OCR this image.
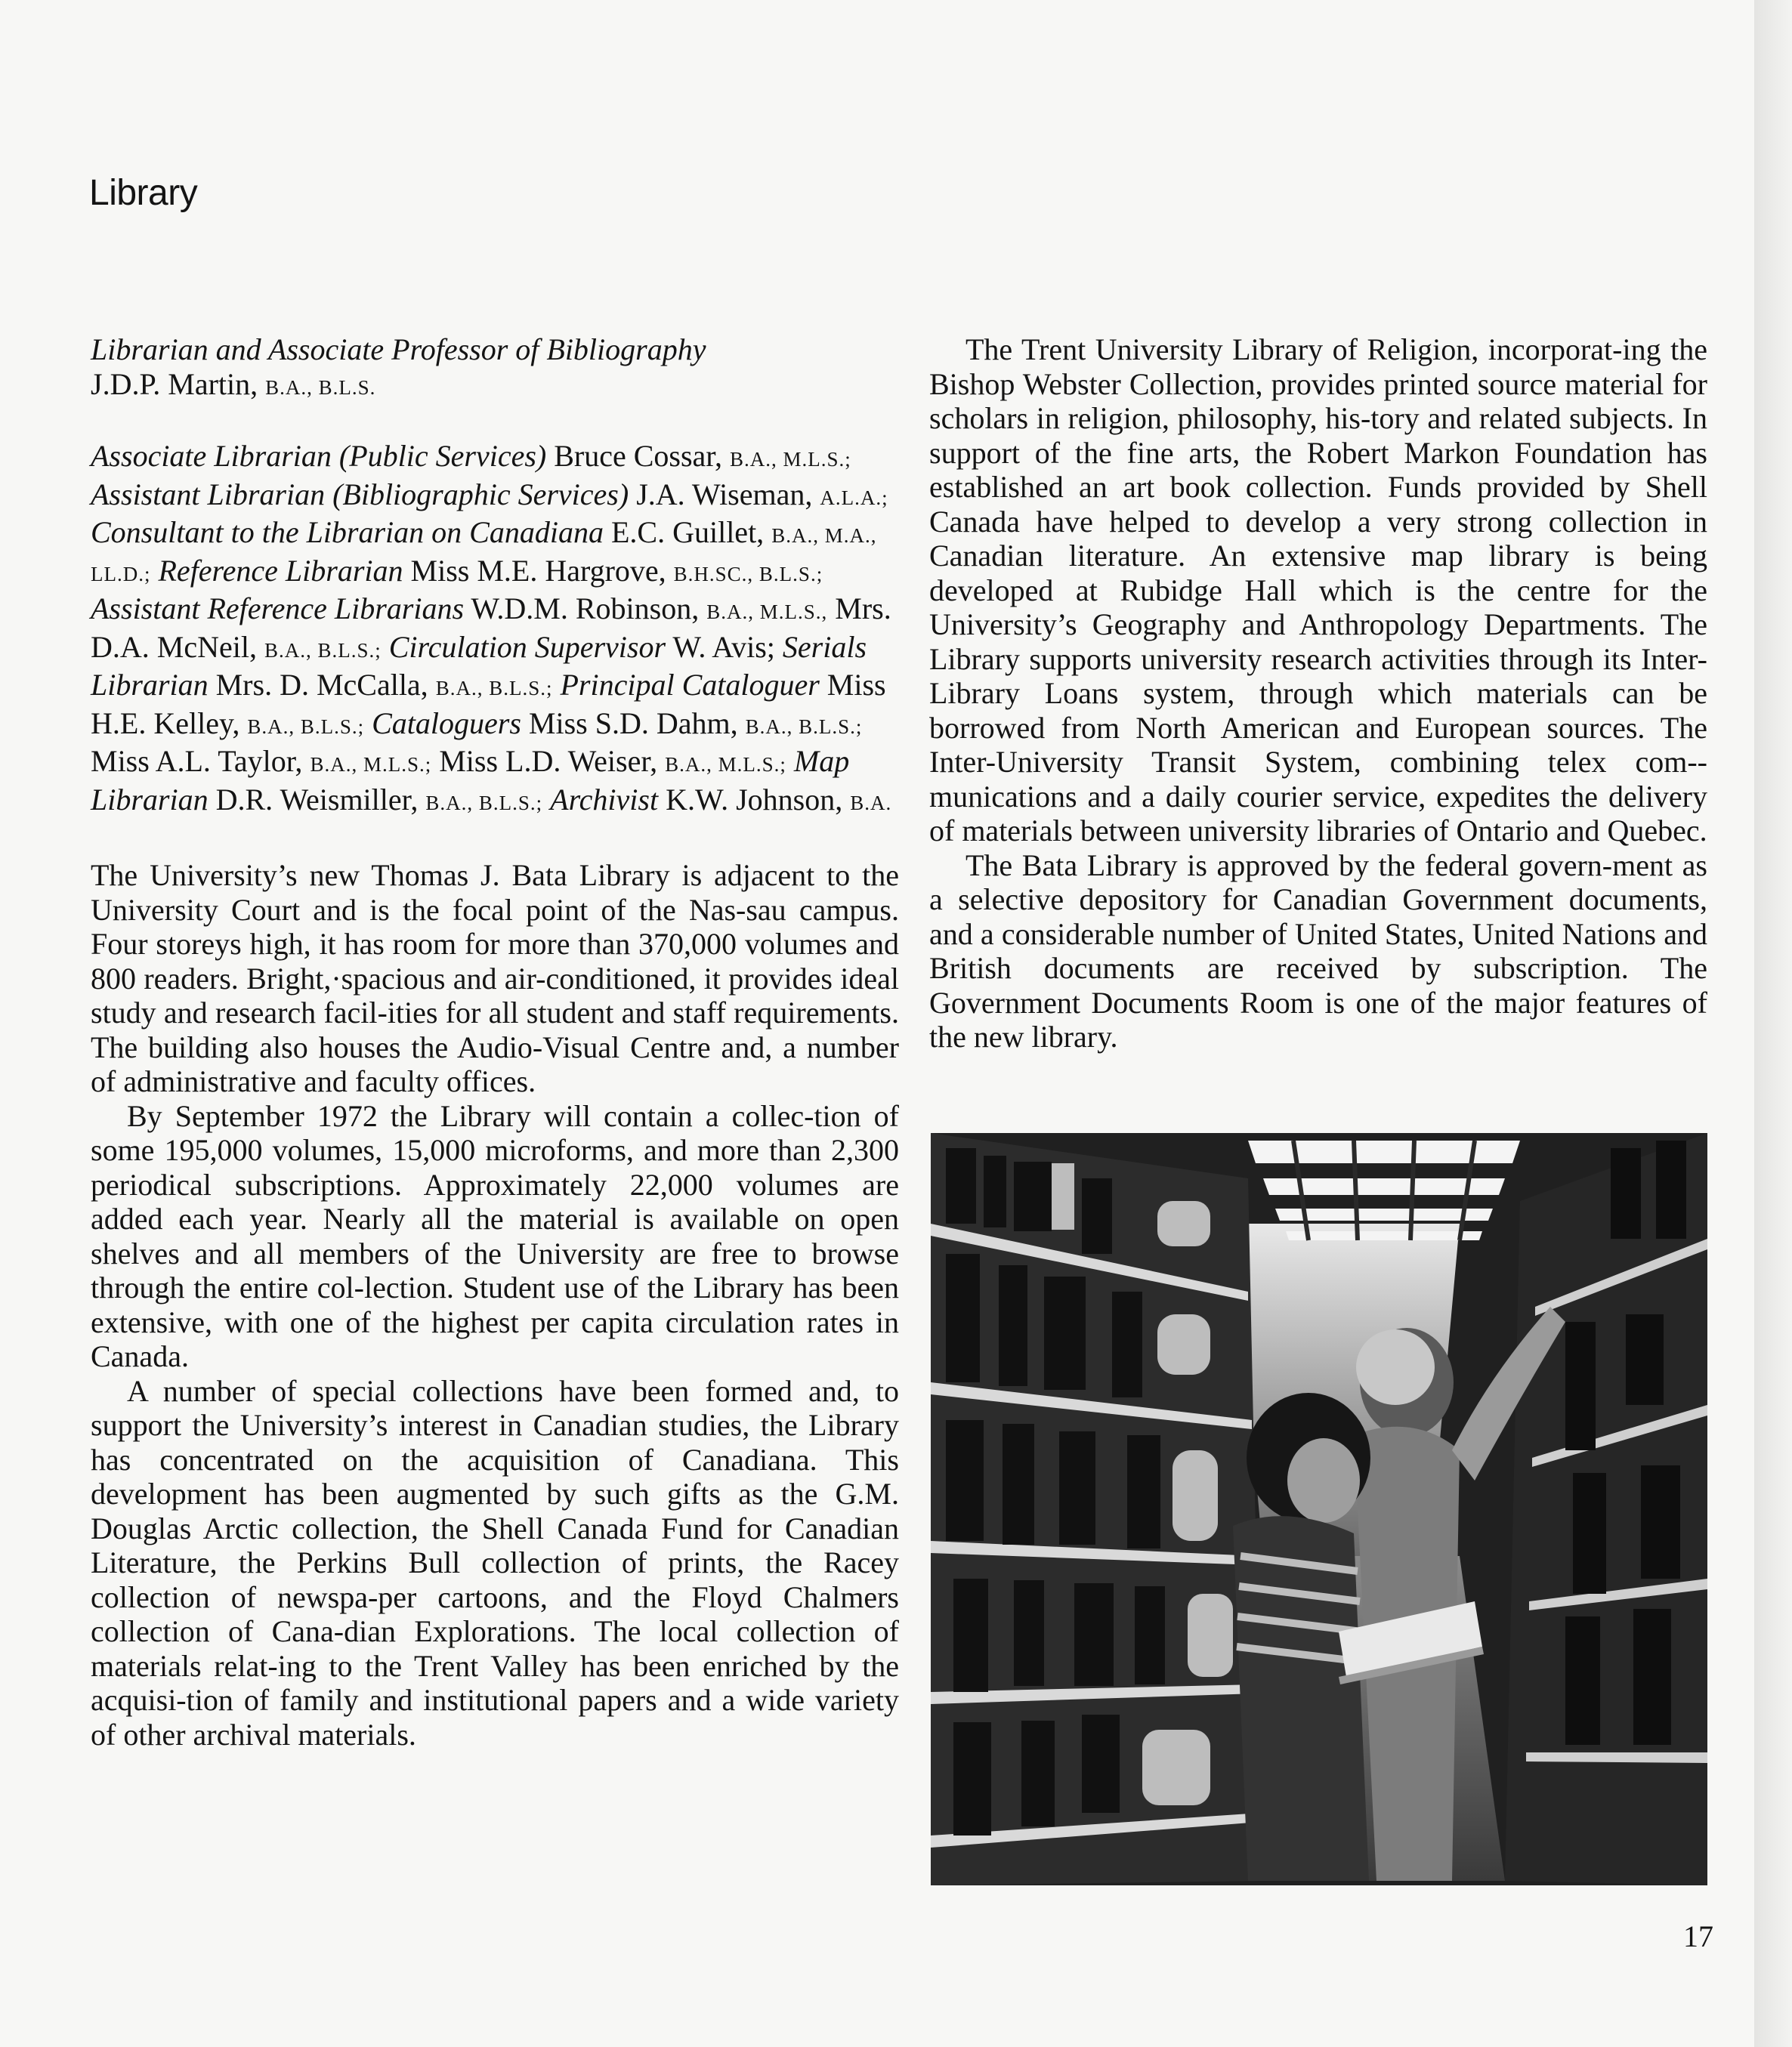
Library

Librarian and Associate Professor of Bibliography
J.D.P. Martin, B.A., B.L.S.

Associate Librarian (Public Services) Bruce Cossar, B.A., M.L.S.; Assistant Librarian (Bibliographic Services) J.A. Wiseman, A.L.A.; Consultant to the Librarian on Canadiana E.C. Guillet, B.A., M.A., LL.D.; Reference Librarian Miss M.E. Hargrove, B.H.SC., B.L.S.; Assistant Reference Librarians W.D.M. Robinson, B.A., M.L.S., Mrs. D.A. McNeil, B.A., B.L.S.; Circulation Supervisor W. Avis; Serials Librarian Mrs. D. McCalla, B.A., B.L.S.; Principal Cataloguer Miss H.E. Kelley, B.A., B.L.S.; Cataloguers Miss S.D. Dahm, B.A., B.L.S.; Miss A.L. Taylor, B.A., M.L.S.; Miss L.D. Weiser, B.A., M.L.S.; Map Librarian D.R. Weismiller, B.A., B.L.S.; Archivist K.W. Johnson, B.A.

The University’s new Thomas J. Bata Library is adjacent to the University Court and is the focal point of the Nas-sau campus. Four storeys high, it has room for more than 370,000 volumes and 800 readers. Bright,·spacious and air-conditioned, it provides ideal study and research facil-ities for all student and staff requirements. The building also houses the Audio-Visual Centre and, a number of administrative and faculty offices.

By September 1972 the Library will contain a collec-tion of some 195,000 volumes, 15,000 microforms, and more than 2,300 periodical subscriptions. Approximately 22,000 volumes are added each year. Nearly all the material is available on open shelves and all members of the University are free to browse through the entire col-lection. Student use of the Library has been extensive, with one of the highest per capita circulation rates in Canada.

A number of special collections have been formed and, to support the University’s interest in Canadian studies, the Library has concentrated on the acquisition of Canadiana. This development has been augmented by such gifts as the G.M. Douglas Arctic collection, the Shell Canada Fund for Canadian Literature, the Perkins Bull collection of prints, the Racey collection of newspa-per cartoons, and the Floyd Chalmers collection of Cana-dian Explorations. The local collection of materials relat-ing to the Trent Valley has been enriched by the acquisi-tion of family and institutional papers and a wide variety of other archival materials.

The Trent University Library of Religion, incorporat-ing the Bishop Webster Collection, provides printed source material for scholars in religion, philosophy, his-tory and related subjects. In support of the fine arts, the Robert Markon Foundation has established an art book collection. Funds provided by Shell Canada have helped to develop a very strong collection in Canadian literature. An extensive map library is being developed at Rubidge Hall which is the centre for the University’s Geography and Anthropology Departments. The Library supports university research activities through its Inter-Library Loans system, through which materials can be borrowed from North American and European sources. The Inter-University Transit System, combining telex com-munications and a daily courier service, expedites the delivery of materials between university libraries of Ontario and Quebec.

The Bata Library is approved by the federal govern-ment as a selective depository for Canadian Government documents, and a considerable number of United States, United Nations and British documents are received by subscription. The Government Documents Room is one of the major features of the new library.

17
